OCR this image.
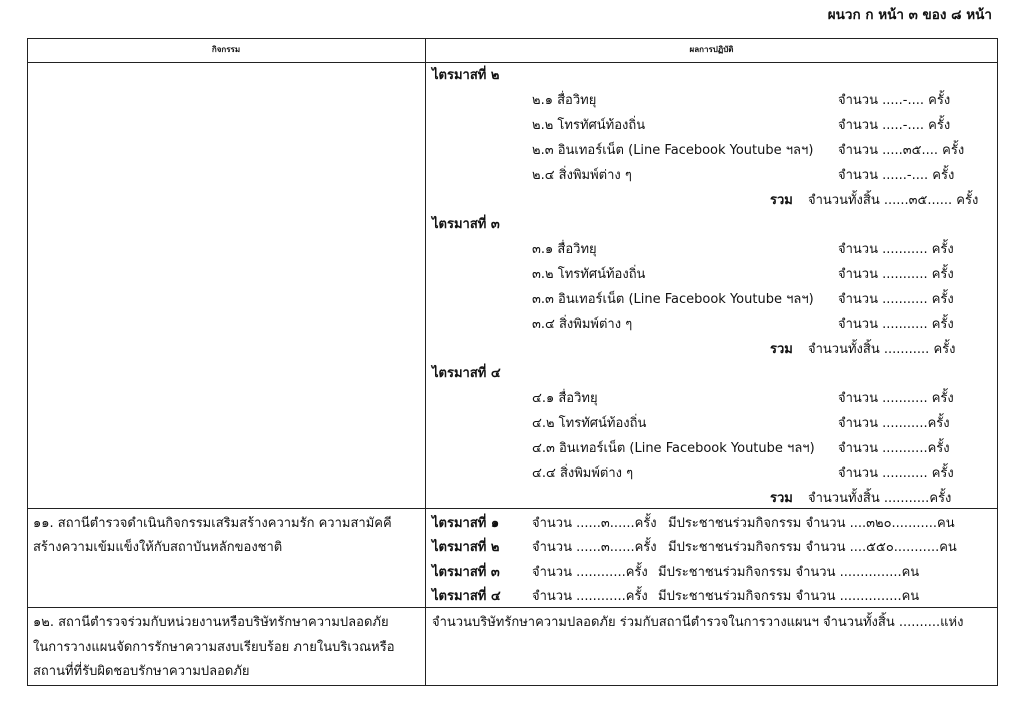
ผนวก ก หน้า ๓ ของ ๘ หน้า
กิจกรรม	ผลการปฏิบัติ
ไตรมาสที่ ๒
๒.๑ สื่อวิทยุ	จำนวน .....-.... ครั้ง
๒.๒ โทรทัศน์ท้องถิ่น	จำนวน .....-.... ครั้ง
๒.๓ อินเทอร์เน็ต (Line Facebook Youtube ฯลฯ) จำนวน .....๓๕.... ครั้ง
๒.๔ สิ่งพิมพ์ต่าง ๆ	จำนวน ......-.... ครั้ง
รวม จำนวนทั้งสิ้น ......๓๕...... ครั้ง
ไตรมาสที่ ๓
๓.๑ สื่อวิทยุ	จำนวน ........... ครั้ง
๓.๒ โทรทัศน์ท้องถิ่น	จำนวน ........... ครั้ง
๓.๓ อินเทอร์เน็ต (Line Facebook Youtube ฯลฯ) จำนวน ........... ครั้ง
๓.๔ สิ่งพิมพ์ต่าง ๆ	จำนวน ........... ครั้ง
รวม จำนวนทั้งสิ้น ........... ครั้ง
ไตรมาสที่ ๔
๔.๑ สื่อวิทยุ	จำนวน ........... ครั้ง
๔.๒ โทรทัศน์ท้องถิ่น	จำนวน ...........ครั้ง
๔.๓ อินเทอร์เน็ต (Line Facebook Youtube ฯลฯ) จำนวน ...........ครั้ง
๔.๔ สิ่งพิมพ์ต่าง ๆ	จำนวน ........... ครั้ง
รวม จำนวนทั้งสิ้น ...........ครั้ง
๑๑. สถานีตำรวจดำเนินกิจกรรมเสริมสร้างความรัก ความสามัคคี
สร้างความเข้มแข็งให้กับสถาบันหลักของชาติ
ไตรมาสที่ ๑	จำนวน ......๓......ครั้ง มีประชาชนร่วมกิจกรรม จำนวน ....๓๒๐...........คน
ไตรมาสที่ ๒	จำนวน ......๓......ครั้ง มีประชาชนร่วมกิจกรรม จำนวน ....๕๕๐...........คน
ไตรมาสที่ ๓ จำนวน ............ครั้ง มีประชาชนร่วมกิจกรรม จำนวน ...............คน
ไตรมาสที่ ๔ จำนวน ............ครั้ง มีประชาชนร่วมกิจกรรม จำนวน ...............คน
๑๒. สถานีตำรวจร่วมกับหน่วยงานหรือบริษัทรักษาความปลอดภัย
ในการวางแผนจัดการรักษาความสงบเรียบร้อย ภายในบริเวณหรือ
สถานที่ที่รับผิดชอบรักษาความปลอดภัย
จำนวนบริษัทรักษาความปลอดภัย ร่วมกับสถานีตำรวจในการวางแผนฯ จำนวนทั้งสิ้น ..........แห่ง
